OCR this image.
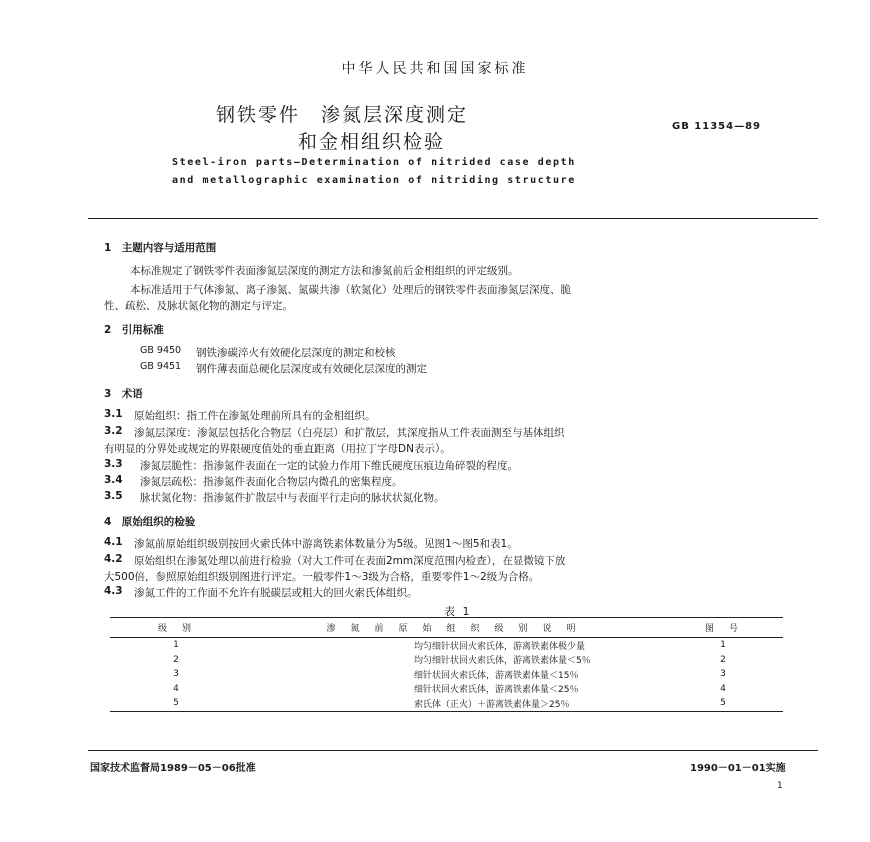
中华人民共和国国家标准
钢铁零件　渗氮层深度测定
和金相组织检验
GB 11354—89
Steel-iron parts—Determination of nitrided case depth
and metallographic examination of nitriding structure
1　主题内容与适用范围
本标准规定了钢铁零件表面渗氮层深度的测定方法和渗氮前后金相组织的评定级别。
本标准适用于气体渗氮、离子渗氮、氮碳共渗（软氮化）处理后的钢铁零件表面渗氮层深度、脆
性、疏松、及脉状氮化物的测定与评定。
2　引用标准
GB 9450 钢铁渗碳淬火有效硬化层深度的测定和校核
GB 9451 钢件薄表面总硬化层深度或有效硬化层深度的测定
3　术语
3.1 原始组织：指工件在渗氮处理前所具有的金相组织。
3.2 渗氮层深度：渗氮层包括化合物层（白亮层）和扩散层，其深度指从工件表面测至与基体组织
有明显的分界处或规定的界限硬度值处的垂直距离（用拉丁字母DN表示）。
3.3 渗氮层脆性：指渗氮件表面在一定的试验力作用下维氏硬度压痕边角碎裂的程度。
3.4 渗氮层疏松：指渗氮件表面化合物层内微孔的密集程度。
3.5 脉状氮化物：指渗氮件扩散层中与表面平行走向的脉状状氮化物。
4　原始组织的检验
4.1 渗氮前原始组织级别按回火索氏体中游离铁素体数量分为5级。见图1～图5和表1。
4.2 原始组织在渗氮处理以前进行检验（对大工件可在表面2mm深度范围内检查），在显微镜下放
大500倍，参照原始组织级别图进行评定。一般零件1～3级为合格，重要零件1～2级为合格。
4.3 渗氮工件的工作面不允许有脱碳层或粗大的回火索氏体组织。
表 1
级　别	渗　氮　前　原　始　组　织　级　别　说　明	图　号
1	均匀细针状回火索氏体，游离铁素体极少量	1
2	均匀细针状回火索氏体，游离铁素体量＜5％	2
3	细针状回火索氏体，游离铁素体量＜15％	3
4	细针状回火索氏体，游离铁素体量＜25％	4
5	索氏体（正火）＋游离铁素体量＞25％	5
国家技术监督局1989－05－06批准	1990－01－01实施
1
